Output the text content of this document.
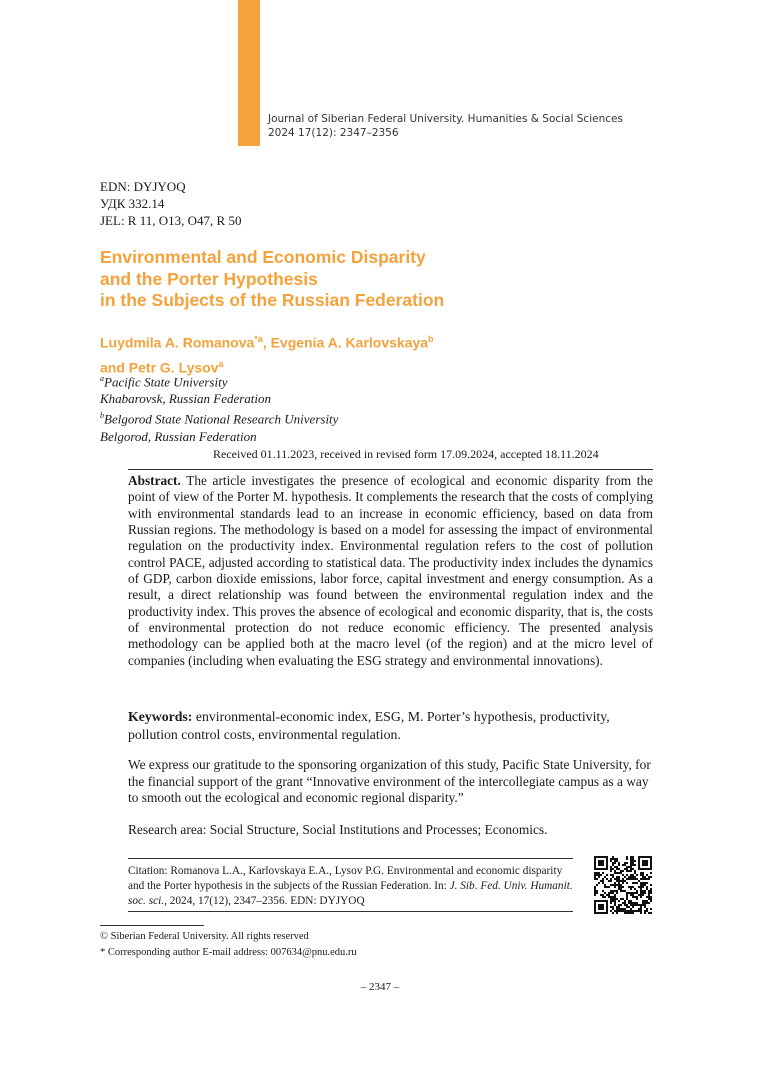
Journal of Siberian Federal University. Humanities & Social Sciences
2024 17(12): 2347–2356
EDN: DYJYOQ
УДК 332.14
JEL: R 11, O13, O47, R 50
Environmental and Economic Disparity
and the Porter Hypothesis
in the Subjects of the Russian Federation
Luydmila A. Romanova$^{*a}$, Evgenia A. Karlovskaya$^b$
and Petr G. Lysov$^a$
$^a$Pacific State University
Khabarovsk, Russian Federation
$^b$Belgorod State National Research University
Belgorod, Russian Federation
Received 01.11.2023, received in revised form 17.09.2024, accepted 18.11.2024
Abstract. The article investigates the presence of ecological and economic disparity from the point of view of the Porter M. hypothesis. It complements the research that the costs of complying with environmental standards lead to an increase in economic efficiency, based on data from Russian regions. The methodology is based on a model for assessing the impact of environmental regulation on the productivity index. Environmental regulation refers to the cost of pollution control PACE, adjusted according to statistical data. The productivity index includes the dynamics of GDP, carbon dioxide emissions, labor force, capital investment and energy consumption. As a result, a direct relationship was found between the environmental regulation index and the productivity index. This proves the absence of ecological and economic disparity, that is, the costs of environmental protection do not reduce economic efficiency. The presented analysis methodology can be applied both at the macro level (of the region) and at the micro level of companies (including when evaluating the ESG strategy and environmental innovations).
Keywords: environmental-economic index, ESG, M. Porter’s hypothesis, productivity, pollution control costs, environmental regulation.
We express our gratitude to the sponsoring organization of this study, Pacific State University, for the financial support of the grant “Innovative environment of the intercollegiate campus as a way to smooth out the ecological and economic regional disparity.”
Research area: Social Structure, Social Institutions and Processes; Economics.
Citation: Romanova L.A., Karlovskaya E.A., Lysov P.G. Environmental and economic disparity and the Porter hypothesis in the subjects of the Russian Federation. In: J. Sib. Fed. Univ. Humanit. soc. sci., 2024, 17(12), 2347–2356. EDN: DYJYOQ
© Siberian Federal University. All rights reserved
* Corresponding author E-mail address: 007634@pnu.edu.ru
– 2347 –
